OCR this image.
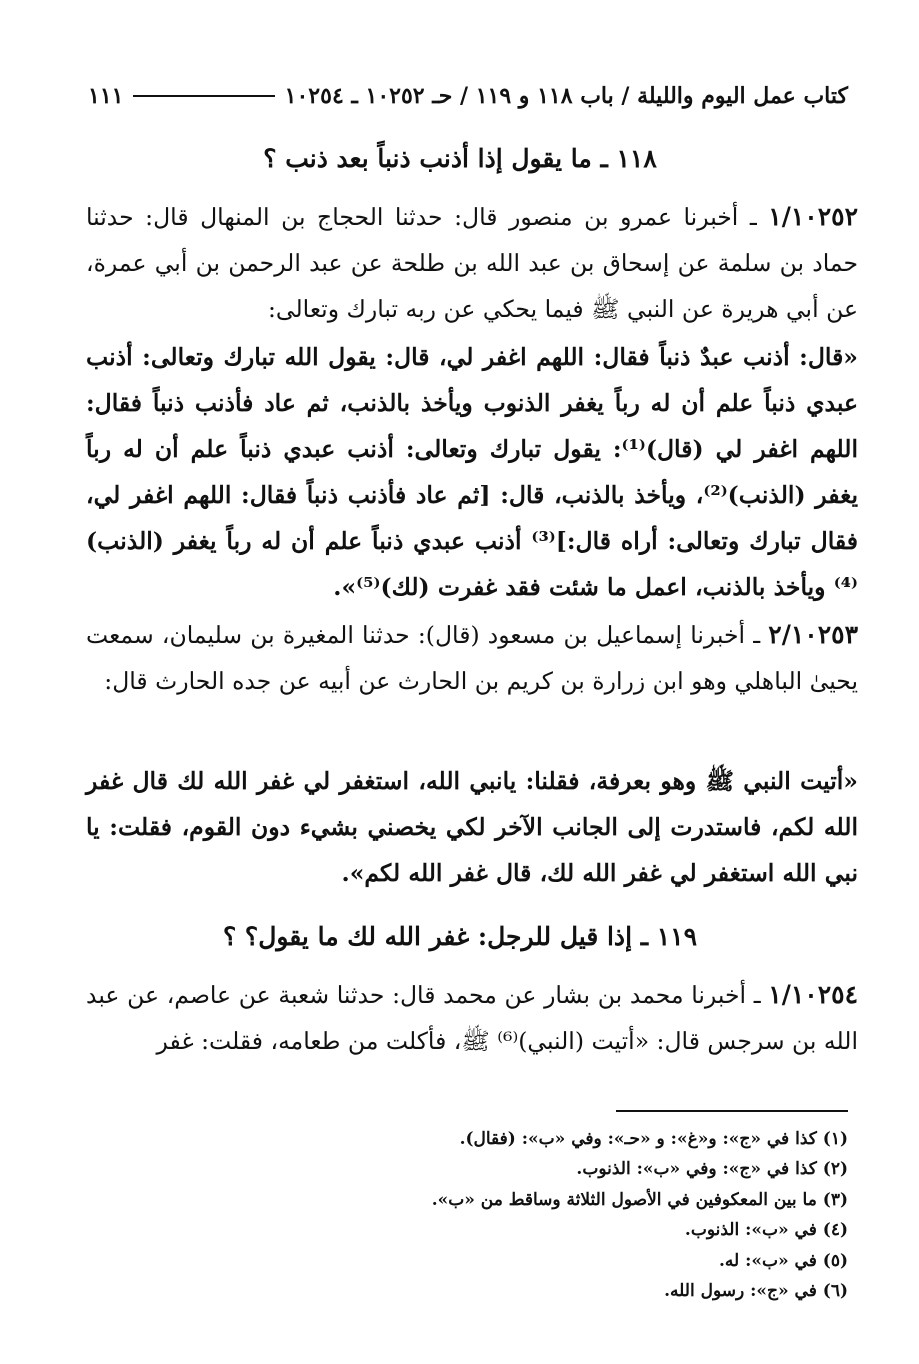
كتاب عمل اليوم والليلة / باب ١١٨ و ١١٩ / حـ ١٠٢٥٢ ـ ١٠٢٥٤
١١١
١١٨ ـ ما يقول إذا أذنب ذنباً بعد ذنب ؟
١/١٠٢٥٢ ـ أخبرنا عمرو بن منصور قال: حدثنا الحجاج بن المنهال قال: حدثنا حماد بن سلمة عن إسحاق بن عبد الله بن طلحة عن عبد الرحمن بن أبي عمرة، عن أبي هريرة عن النبي ﷺ فيما يحكي عن ربه تبارك وتعالى:
«قال: أذنب عبدٌ ذنباً فقال: اللهم اغفر لي، قال: يقول الله تبارك وتعالى: أذنب عبدي ذنباً علم أن له رباً يغفر الذنوب ويأخذ بالذنب، ثم عاد فأذنب ذنباً فقال: اللهم اغفر لي (قال)⁽¹⁾: يقول تبارك وتعالى: أذنب عبدي ذنباً علم أن له رباً يغفر (الذنب)⁽²⁾، ويأخذ بالذنب، قال: [ثم عاد فأذنب ذنباً فقال: اللهم اغفر لي، فقال تبارك وتعالى: أراه قال:]⁽³⁾ أذنب عبدي ذنباً علم أن له رباً يغفر (الذنب)⁽⁴⁾ ويأخذ بالذنب، اعمل ما شئت فقد غفرت (لك)⁽⁵⁾».
٢/١٠٢٥٣ ـ أخبرنا إسماعيل بن مسعود (قال): حدثنا المغيرة بن سليمان، سمعت يحيىٰ الباهلي وهو ابن زرارة بن كريم بن الحارث عن أبيه عن جده الحارث قال:
«أتيت النبي ﷺ وهو بعرفة، فقلنا: يانبي الله، استغفر لي غفر الله لك قال غفر الله لكم، فاستدرت إلى الجانب الآخر لكي يخصني بشيء دون القوم، فقلت: يا نبي الله استغفر لي غفر الله لك، قال غفر الله لكم».
١١٩ ـ إذا قيل للرجل: غفر الله لك ما يقول؟ ؟
١/١٠٢٥٤ ـ أخبرنا محمد بن بشار عن محمد قال: حدثنا شعبة عن عاصم، عن عبد الله بن سرجس قال: «أتيت (النبي)⁽⁶⁾ ﷺ، فأكلت من طعامه، فقلت: غفر
(١) كذا في «ج»: و«غ»: و «حـ»: وفي «ب»: (فقال).
(٢) كذا في «ج»: وفي «ب»: الذنوب.
(٣) ما بين المعكوفين في الأصول الثلاثة وساقط من «ب».
(٤) في «ب»: الذنوب.
(٥) في «ب»: له.
(٦) في «ج»: رسول الله.
